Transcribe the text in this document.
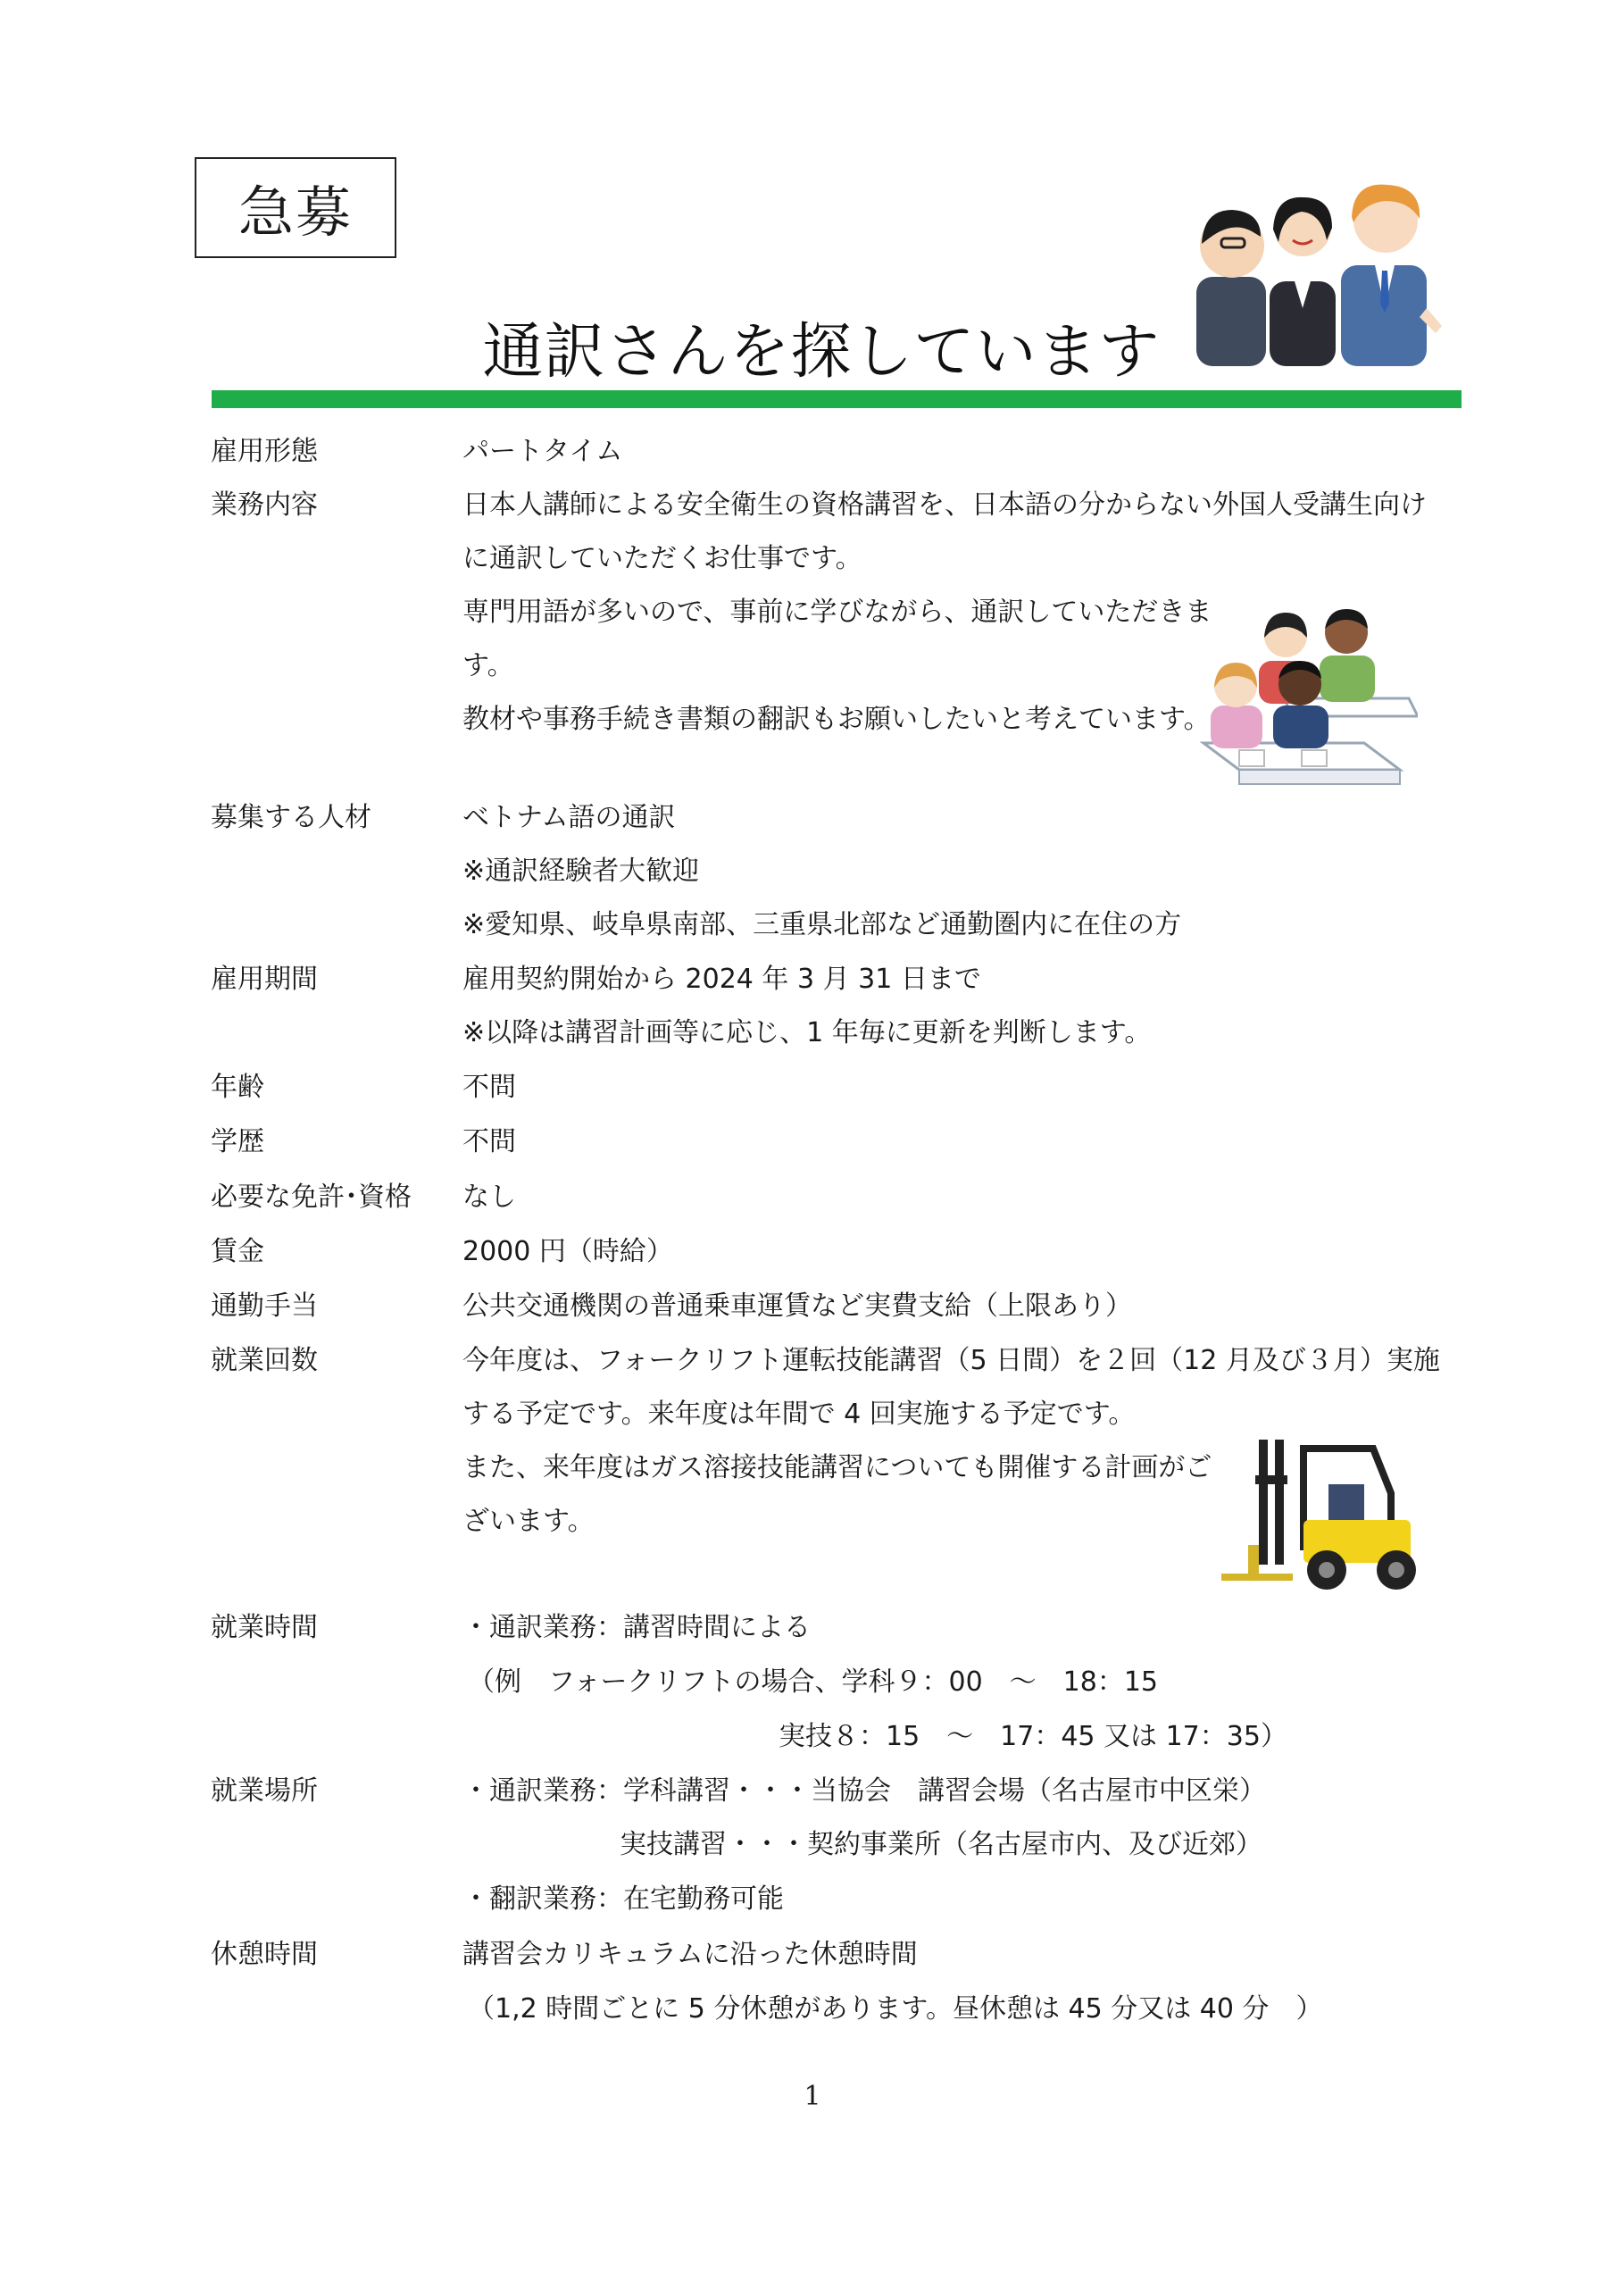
急募
通訳さんを探しています
雇用形態	パートタイム
業務内容	日本人講師による安全衛生の資格講習を、日本語の分からない外国人受講生向け
に通訳していただくお仕事です。
専門用語が多いので、事前に学びながら、通訳していただきま
す。
教材や事務手続き書類の翻訳もお願いしたいと考えています。
募集する人材	ベトナム語の通訳
※通訳経験者大歓迎
※愛知県、岐阜県南部、三重県北部など通勤圏内に在住の方
雇用期間	雇用契約開始から 2024 年 3 月 31 日まで
※以降は講習計画等に応じ、1 年毎に更新を判断します。
年齢	不問
学歴	不問
必要な免許･資格 なし
賃金	2000 円（時給）
通勤手当	公共交通機関の普通乗車運賃など実費支給（上限あり）
就業回数	今年度は、フォークリフト運転技能講習（5 日間）を２回（12 月及び３月）実施
する予定です。来年度は年間で 4 回実施する予定です。
また、来年度はガス溶接技能講習についても開催する計画がご
ざいます。
就業時間	・通訳業務：講習時間による
（例　フォークリフトの場合、学科９：00　～　18：15
実技８：15　～　17：45 又は 17：35）
就業場所	・通訳業務：学科講習・・・当協会　講習会場（名古屋市中区栄）
実技講習・・・契約事業所（名古屋市内、及び近郊）
・翻訳業務：在宅勤務可能
休憩時間	講習会カリキュラムに沿った休憩時間
（1,2 時間ごとに 5 分休憩があります。昼休憩は 45 分又は 40 分　）
1
